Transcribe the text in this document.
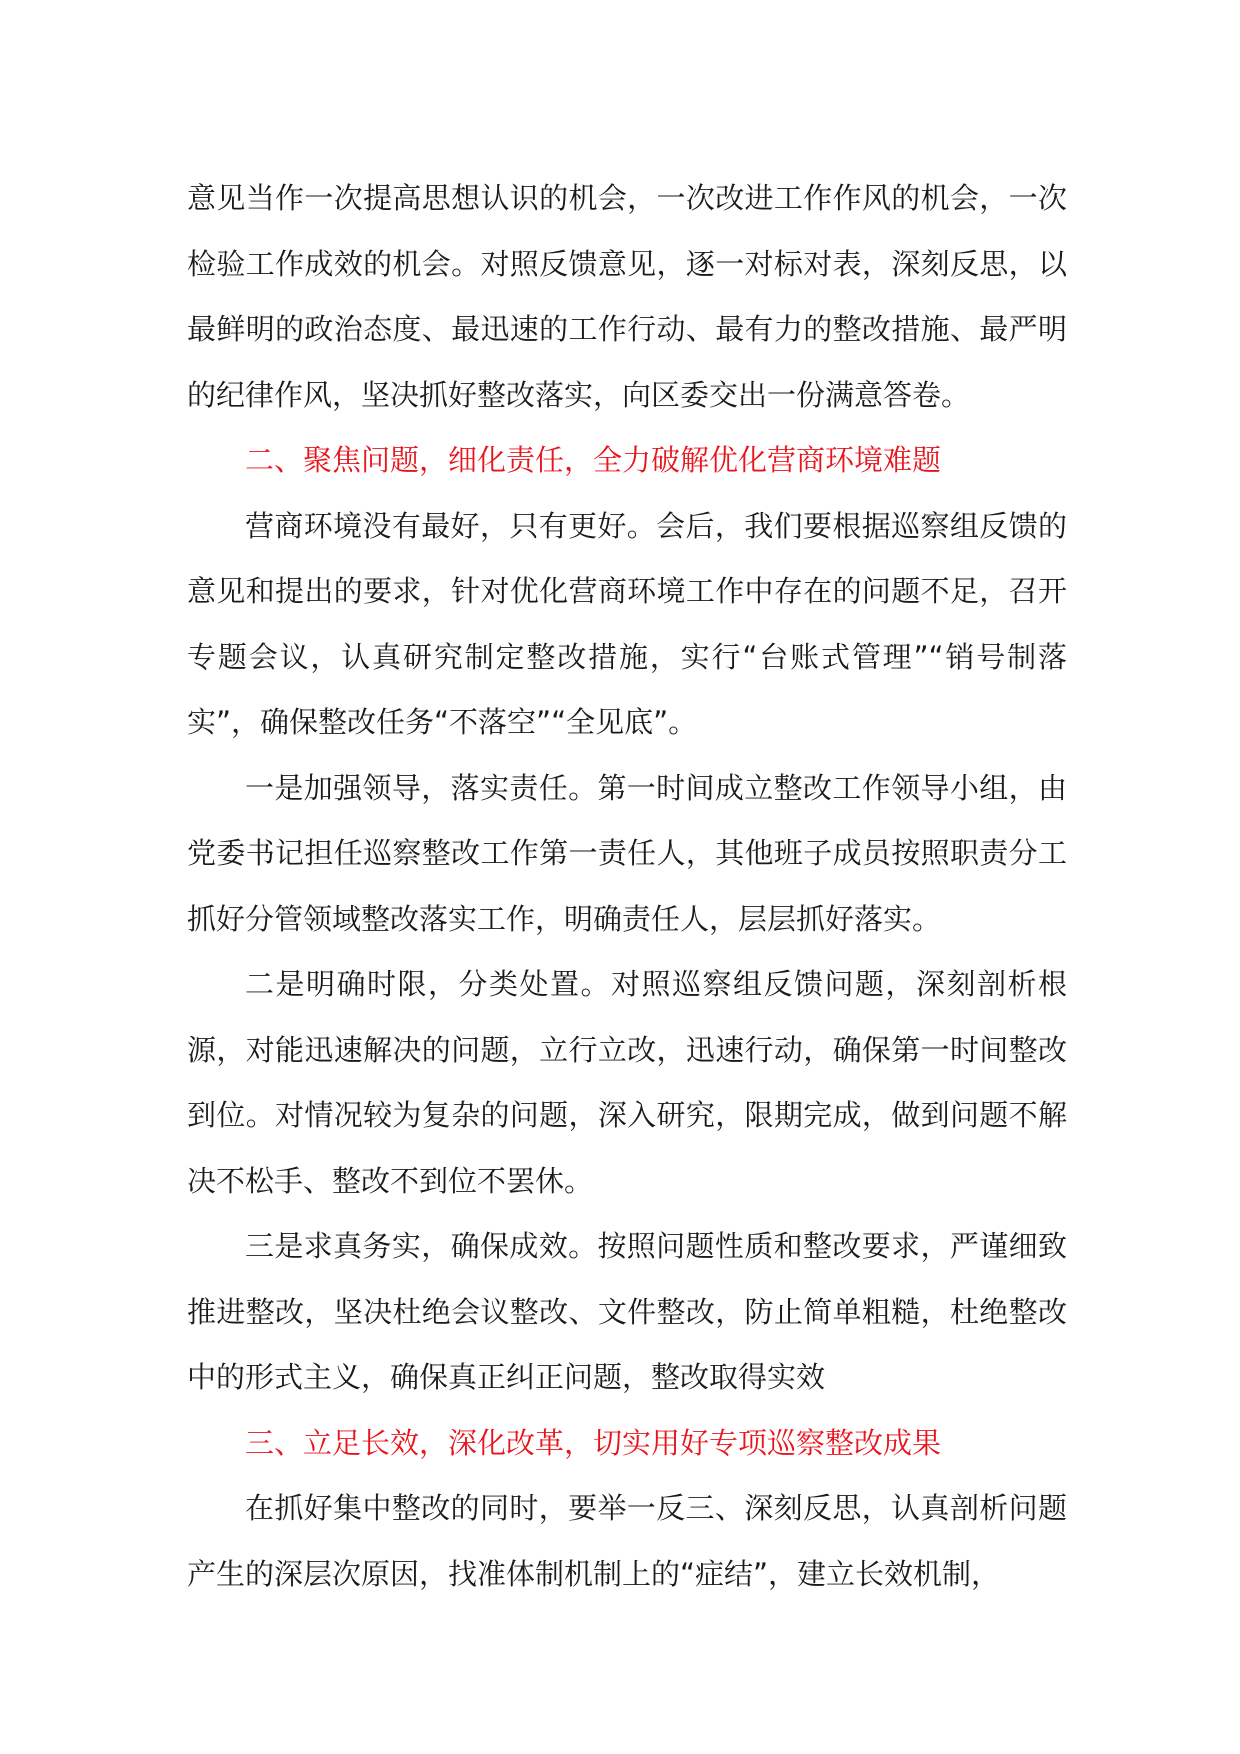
意见当作一次提高思想认识的机会，一次改进工作作风的机会，一次检验工作成效的机会。对照反馈意见，逐一对标对表，深刻反思，以最鲜明的政治态度、最迅速的工作行动、最有力的整改措施、最严明的纪律作风，坚决抓好整改落实，向区委交出一份满意答卷。

二、聚焦问题，细化责任，全力破解优化营商环境难题

营商环境没有最好，只有更好。会后，我们要根据巡察组反馈的意见和提出的要求，针对优化营商环境工作中存在的问题不足，召开专题会议，认真研究制定整改措施，实行“台账式管理”“销号制落实”，确保整改任务“不落空”“全见底”。

一是加强领导，落实责任。第一时间成立整改工作领导小组，由党委书记担任巡察整改工作第一责任人，其他班子成员按照职责分工抓好分管领域整改落实工作，明确责任人，层层抓好落实。

二是明确时限，分类处置。对照巡察组反馈问题，深刻剖析根源，对能迅速解决的问题，立行立改，迅速行动，确保第一时间整改到位。对情况较为复杂的问题，深入研究，限期完成，做到问题不解决不松手、整改不到位不罢休。

三是求真务实，确保成效。按照问题性质和整改要求，严谨细致推进整改，坚决杜绝会议整改、文件整改，防止简单粗糙，杜绝整改中的形式主义，确保真正纠正问题，整改取得实效

三、立足长效，深化改革，切实用好专项巡察整改成果

在抓好集中整改的同时，要举一反三、深刻反思，认真剖析问题产生的深层次原因，找准体制机制上的“症结”，建立长效机制，
